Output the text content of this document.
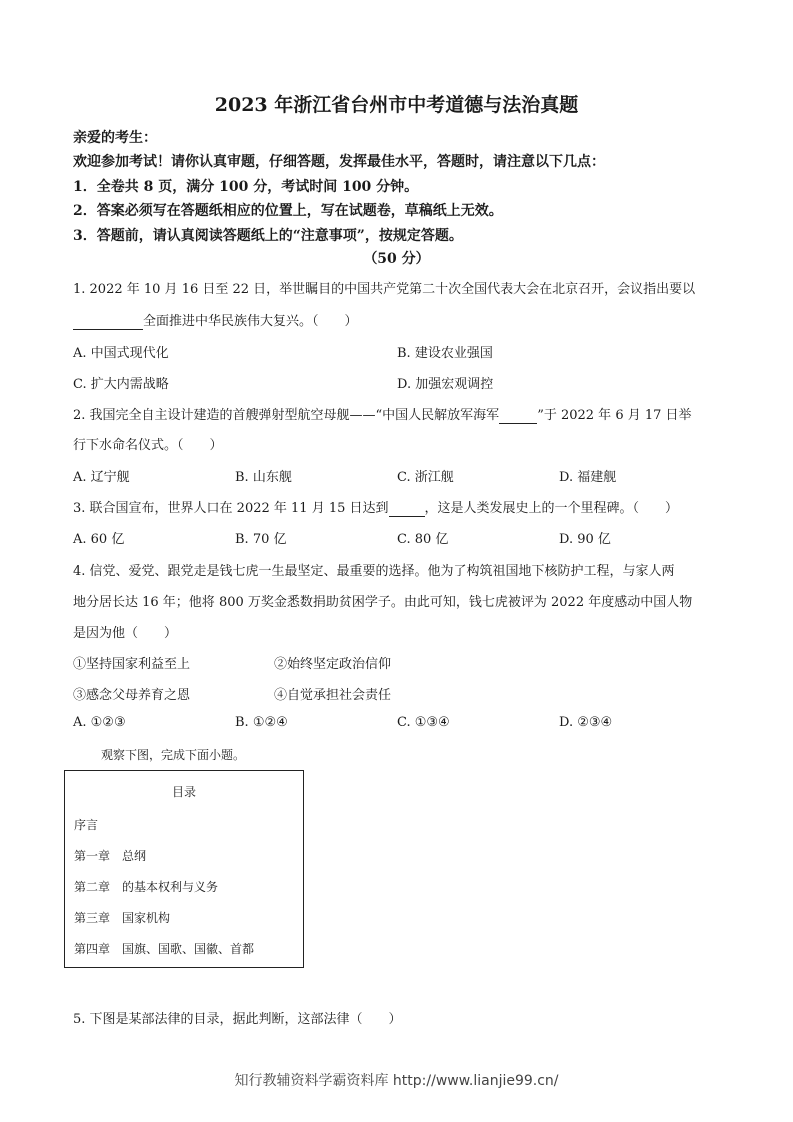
2023 年浙江省台州市中考道德与法治真题
亲爱的考生：
欢迎参加考试！请你认真审题，仔细答题，发挥最佳水平，答题时，请注意以下几点：
1．全卷共 8 页，满分 100 分，考试时间 100 分钟。
2．答案必须写在答题纸相应的位置上，写在试题卷，草稿纸上无效。
3．答题前，请认真阅读答题纸上的“注意事项”，按规定答题。
（50 分）
1. 2022 年 10 月 16 日至 22 日，举世瞩目的中国共产党第二十次全国代表大会在北京召开，会议指出要以
全面推进中华民族伟大复兴。（　　）
A. 中国式现代化	B. 建设农业强国
C. 扩大内需战略	D. 加强宏观调控
2. 我国完全自主设计建造的首艘弹射型航空母舰——“中国人民解放军海军	”于 2022 年 6 月 17 日举
行下水命名仪式。（　　）
A. 辽宁舰	B. 山东舰	C. 浙江舰	D. 福建舰
3. 联合国宣布，世界人口在 2022 年 11 月 15 日达到	，这是人类发展史上的一个里程碑。（　　）
A. 60 亿	B. 70 亿	C. 80 亿	D. 90 亿
4. 信党、爱党、跟党走是钱七虎一生最坚定、最重要的选择。他为了构筑祖国地下核防护工程，与家人两
地分居长达 16 年；他将 800 万奖金悉数捐助贫困学子。由此可知，钱七虎被评为 2022 年度感动中国人物
是因为他（　　）
①坚持国家利益至上	②始终坚定政治信仰
③感念父母养育之恩	④自觉承担社会责任
A. ①②③	B. ①②④	C. ①③④	D. ②③④
观察下图，完成下面小题。
目录
序言
第一章　总纲
第二章　的基本权利与义务
第三章　国家机构
第四章　国旗、国歌、国徽、首都
5. 下图是某部法律的目录，据此判断，这部法律（　　）
知行教辅资料学霸资料库 http://www.lianjie99.cn/
